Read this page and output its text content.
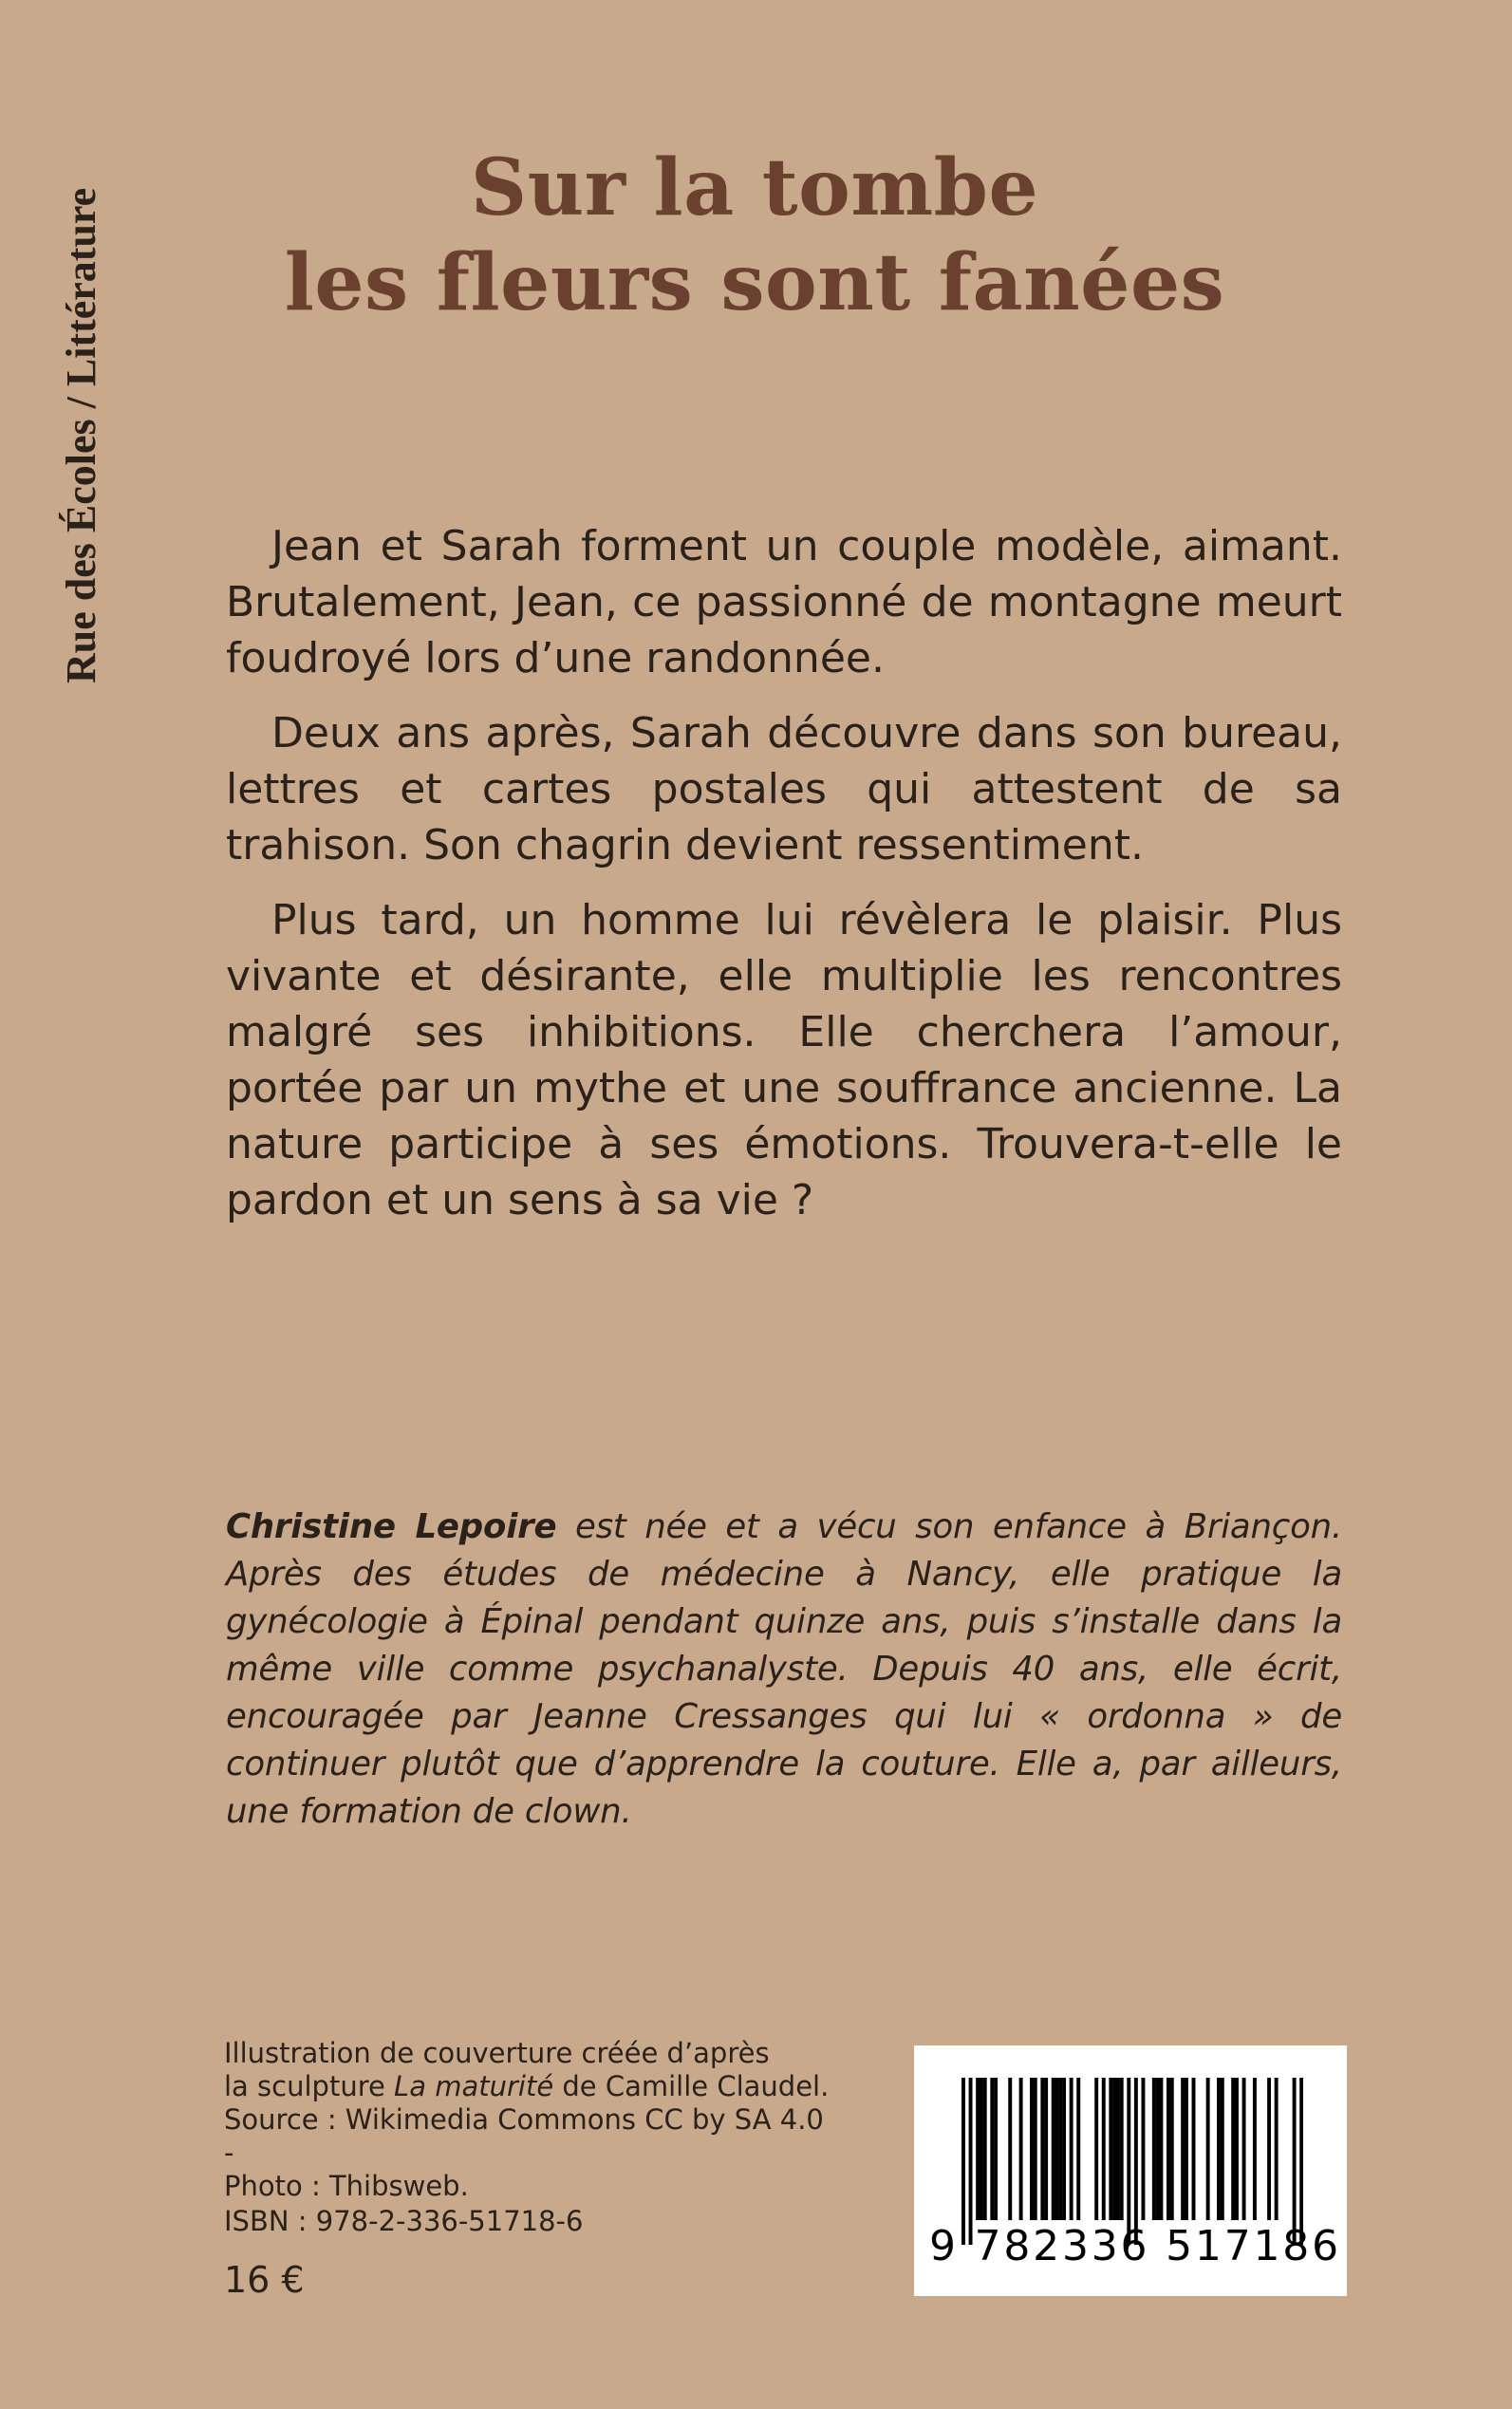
Rue des Écoles / Littérature	Sur la tombe
les fleurs sont fanées

Jean et Sarah forment un couple modèle, aimant. Brutalement, Jean, ce passionné de montagne meurt foudroyé lors d’une randonnée.

Deux ans après, Sarah découvre dans son bureau, lettres et cartes postales qui attestent de sa trahison. Son chagrin devient ressentiment.

Plus tard, un homme lui révèlera le plaisir. Plus vivante et désirante, elle multiplie les rencontres malgré ses inhibitions. Elle cherchera l’amour, portée par un mythe et une souffrance ancienne. La nature participe à ses émotions. Trouvera-t-elle le pardon et un sens à sa vie ?

Christine Lepoire est née et a vécu son enfance à Briançon. Après des études de médecine à Nancy, elle pratique la gynécologie à Épinal pendant quinze ans, puis s’installe dans la même ville comme psychanalyste. Depuis 40 ans, elle écrit, encouragée par Jeanne Cressanges qui lui « ordonna » de continuer plutôt que d’apprendre la couture. Elle a, par ailleurs, une formation de clown.
Illustration de couverture créée d’après
la sculpture La maturité de Camille Claudel.
Source : Wikimedia Commons CC by SA 4.0 -
Photo : Thibsweb.
ISBN : 978-2-336-51718-6
16 €
9 782336 517186
